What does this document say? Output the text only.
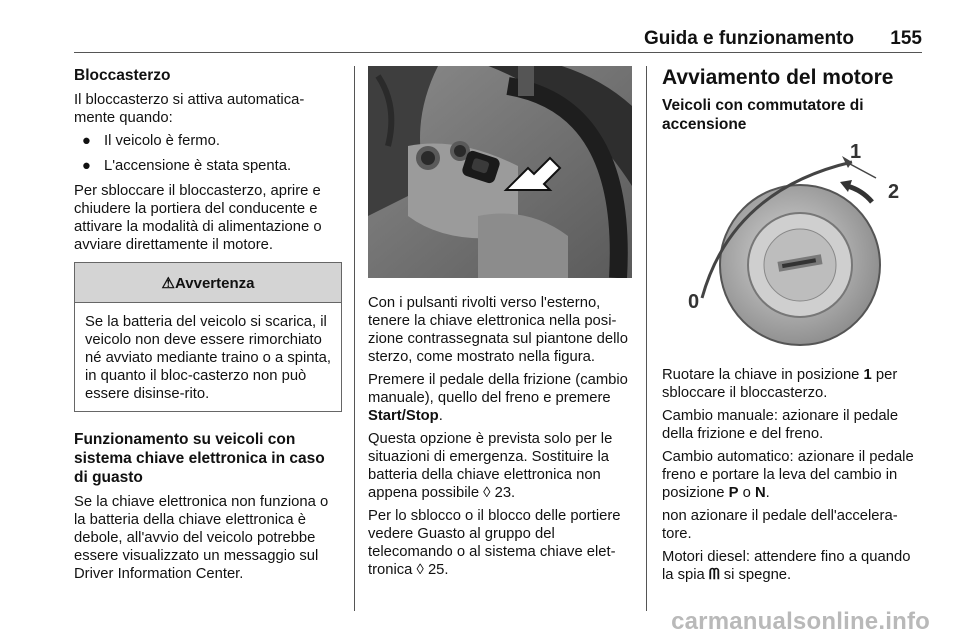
Guida e funzionamento 155
Bloccasterzo
Il bloccasterzo si attiva automatica-mente quando:
● Il veicolo è fermo.
● L'accensione è stata spenta.
Per sbloccare il bloccasterzo, aprire e chiudere la portiera del conducente e attivare la modalità di alimentazione o avviare direttamente il motore.
⚠Avvertenza
Se la batteria del veicolo si scarica, il veicolo non deve essere rimorchiato né avviato mediante traino o a spinta, in quanto il bloc-casterzo non può essere disinse-rito.
Funzionamento su veicoli con sistema chiave elettronica in caso di guasto
Se la chiave elettronica non funziona o la batteria della chiave elettronica è debole, all'avvio del veicolo potrebbe essere visualizzato un messaggio sul Driver Information Center.
Con i pulsanti rivolti verso l'esterno, tenere la chiave elettronica nella posi-zione contrassegnata sul piantone dello sterzo, come mostrato nella figura.
Premere il pedale della frizione (cambio manuale), quello del freno e premere Start/Stop.
Questa opzione è prevista solo per le situazioni di emergenza. Sostituire la batteria della chiave elettronica non appena possibile ◊ 23.
Per lo sblocco o il blocco delle portiere vedere Guasto al gruppo del telecomando o al sistema chiave elet-tronica ◊ 25.
Avviamento del motore
Veicoli con commutatore di accensione
0
1
2
Ruotare la chiave in posizione 1 per sbloccare il bloccasterzo.
Cambio manuale: azionare il pedale della frizione e del freno.
Cambio automatico: azionare il pedale freno e portare la leva del cambio in posizione P o N.
non azionare il pedale dell'accelera-tore.
Motori diesel: attendere fino a quando la spia ᗰ si spegne.
carmanualsonline.info
